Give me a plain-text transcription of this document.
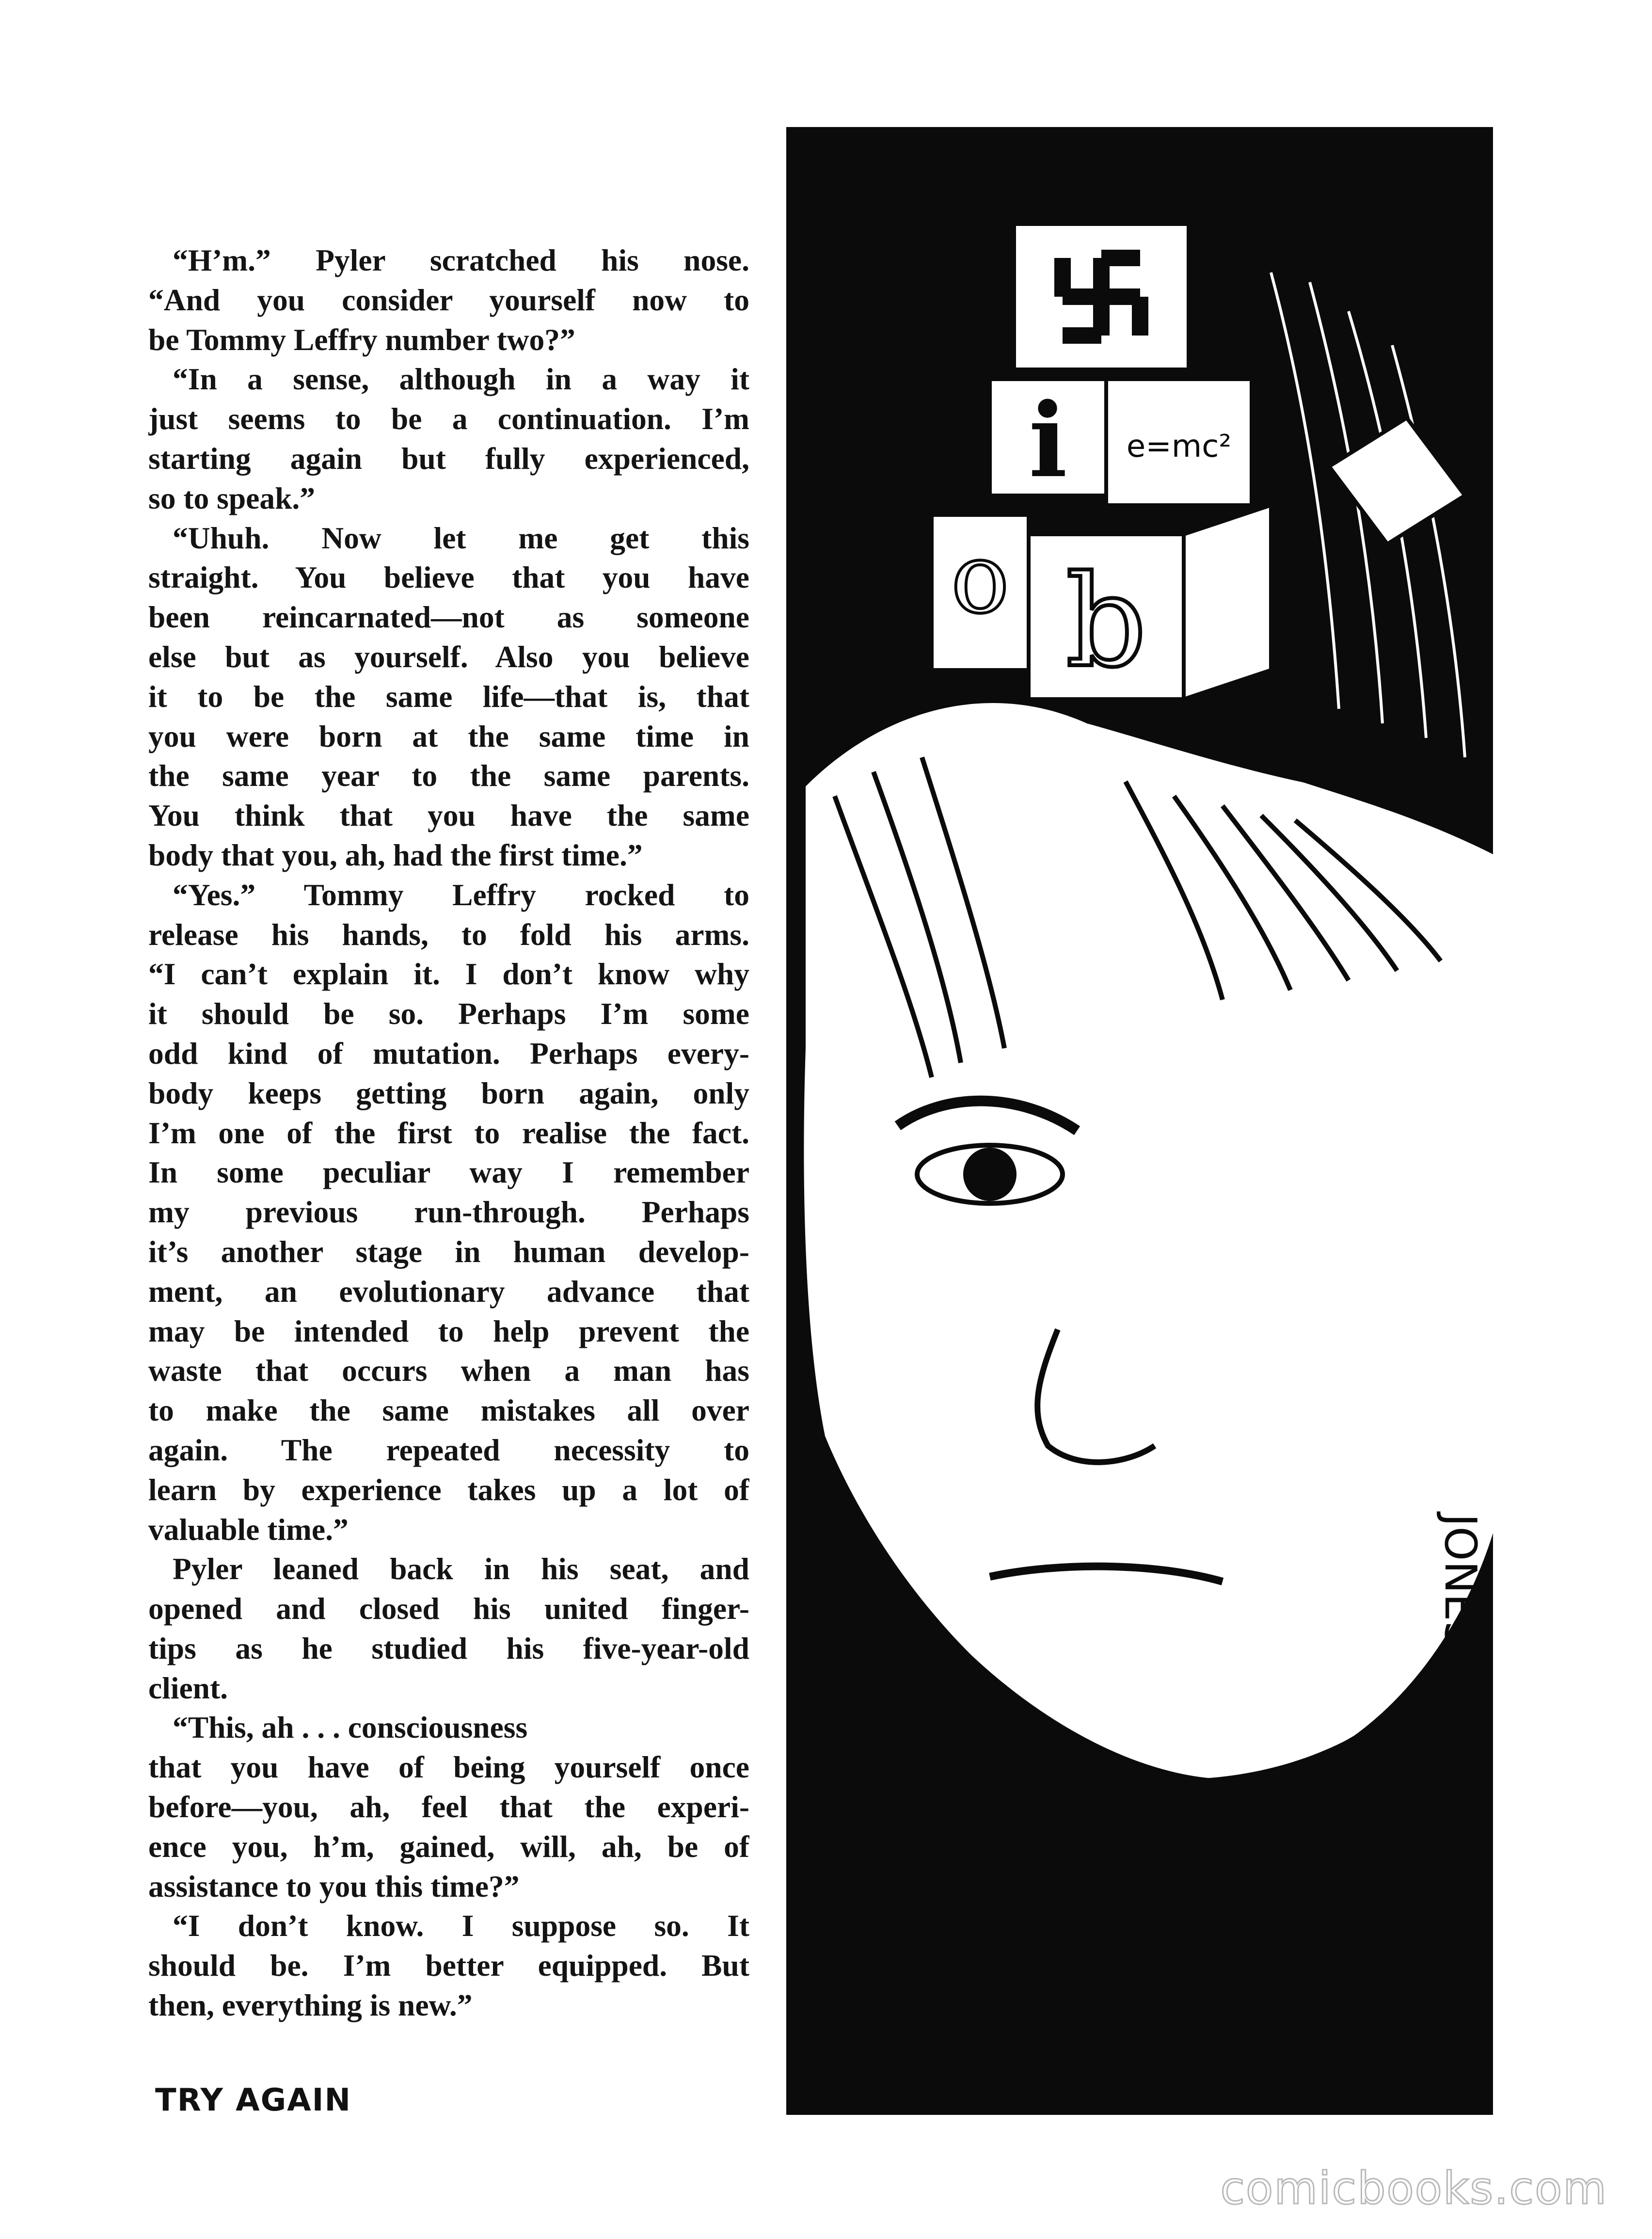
“H’m.” Pyler scratched his nose.
“And you consider yourself now to
be Tommy Leffry number two?”
“In a sense, although in a way it
just seems to be a continuation. I’m
starting again but fully experienced,
so to speak.”
“Uhuh. Now let me get this
straight. You believe that you have
been reincarnated—not as someone
else but as yourself. Also you believe
it to be the same life—that is, that
you were born at the same time in
the same year to the same parents.
You think that you have the same
body that you, ah, had the first time.”
“Yes.” Tommy Leffry rocked to
release his hands, to fold his arms.
“I can’t explain it. I don’t know why
it should be so. Perhaps I’m some
odd kind of mutation. Perhaps every-
body keeps getting born again, only
I’m one of the first to realise the fact.
In some peculiar way I remember
my previous run-through. Perhaps
it’s another stage in human develop-
ment, an evolutionary advance that
may be intended to help prevent the
waste that occurs when a man has
to make the same mistakes all over
again. The repeated necessity to
learn by experience takes up a lot of
valuable time.”
Pyler leaned back in his seat, and
opened and closed his united finger-
tips as he studied his five-year-old
client.
“This, ah . . . consciousness
that you have of being yourself once
before—you, ah, feel that the experi-
ence you, h’m, gained, will, ah, be of
assistance to you this time?”
“I don’t know. I suppose so. It
should be. I’m better equipped. But
then, everything is new.”
TRY AGAIN
i e=mc²
o b
JONES
comicbooks.com
